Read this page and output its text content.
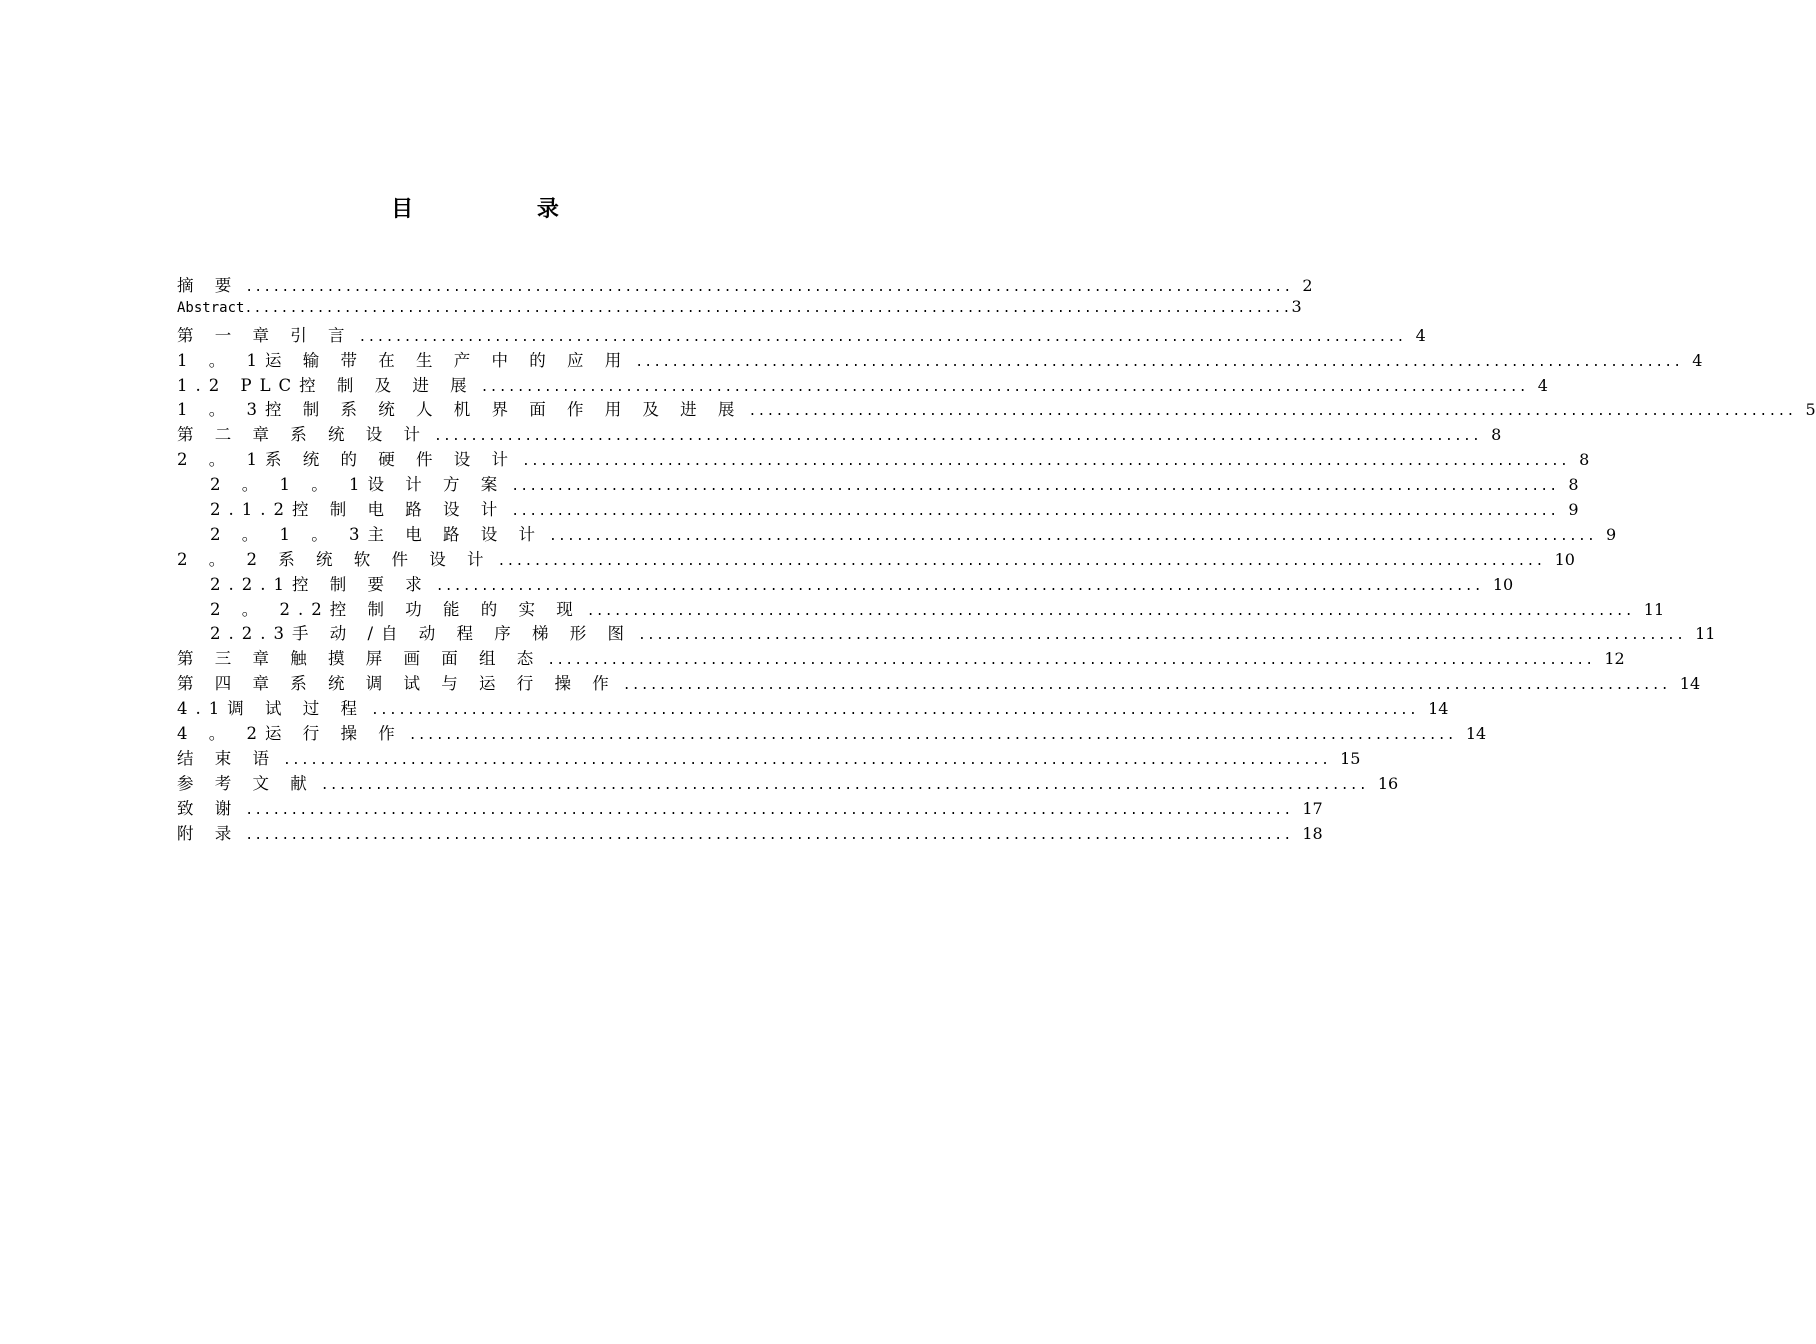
目 录
摘 要 .................................................................................................................... 2
Abstract .................................................................................................................... 3
第 一 章 引 言 .................................................................................................................... 4
1 。 1运 输 带 在 生 产 中 的 应 用 .................................................................................................................... 4
1.2 PLC控 制 及 进 展 .................................................................................................................... 4
1 。 3控 制 系 统 人 机 界 面 作 用 及 进 展 .................................................................................................................... 5
第 二 章 系 统 设 计 .................................................................................................................... 8
2 。 1系 统 的 硬 件 设 计 .................................................................................................................... 8
2 。 1 。 1设 计 方 案 .................................................................................................................... 8
2.1.2控 制 电 路 设 计 .................................................................................................................... 9
2 。 1 。 3主 电 路 设 计 .................................................................................................................... 9
2 。 2 系 统 软 件 设 计 .................................................................................................................... 10
2.2.1控 制 要 求 .................................................................................................................... 10
2 。 2.2控 制 功 能 的 实 现 .................................................................................................................... 11
2.2.3手 动 /自 动 程 序 梯 形 图 .................................................................................................................... 11
第 三 章 触 摸 屏 画 面 组 态 .................................................................................................................... 12
第 四 章 系 统 调 试 与 运 行 操 作 .................................................................................................................... 14
4.1调 试 过 程 .................................................................................................................... 14
4 。 2运 行 操 作 .................................................................................................................... 14
结 束 语 .................................................................................................................... 15
参 考 文 献 .................................................................................................................... 16
致 谢 .................................................................................................................... 17
附 录 .................................................................................................................... 18
